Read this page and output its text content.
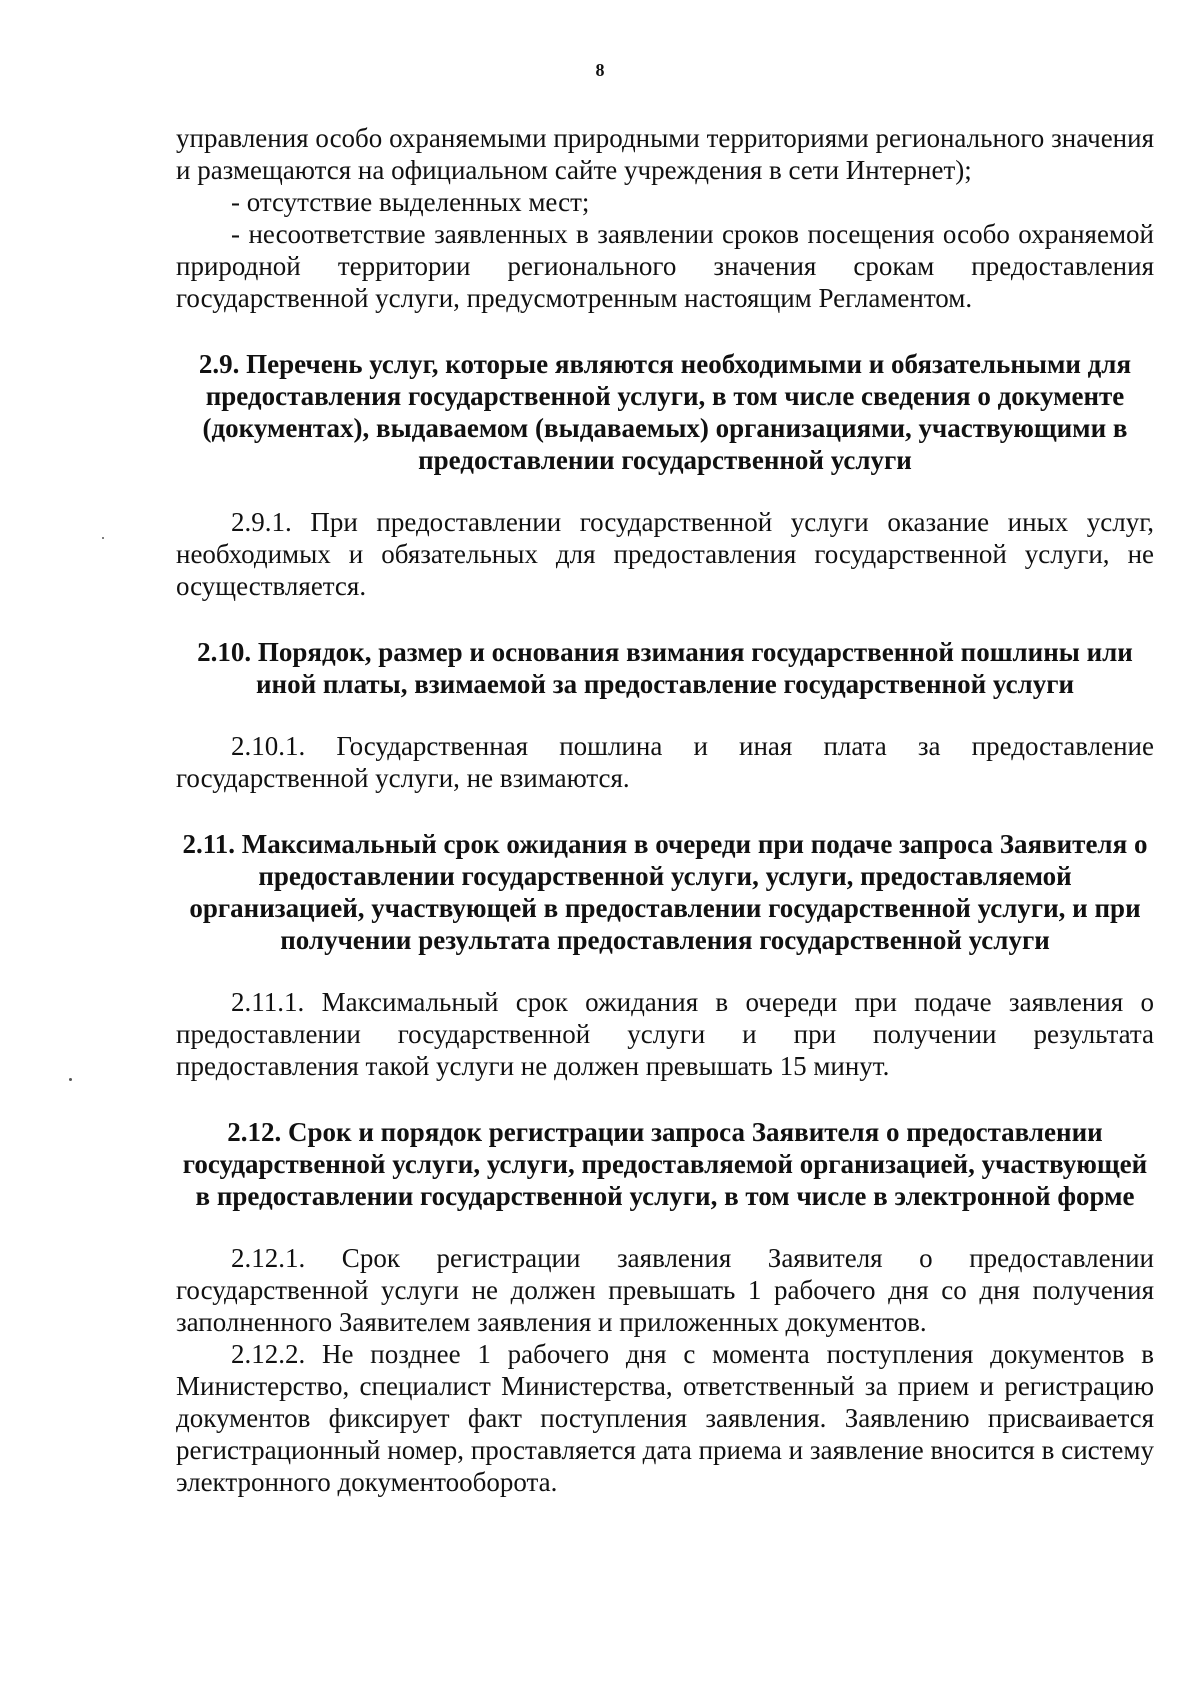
8

управления особо охраняемыми природными территориями регионального значения и размещаются на официальном сайте учреждения в сети Интернет);

- отсутствие выделенных мест;

- несоответствие заявленных в заявлении сроков посещения особо охраняемой природной территории регионального значения срокам предоставления государственной услуги, предусмотренным настоящим Регламентом.

2.9. Перечень услуг, которые являются необходимыми и обязательными для предоставления государственной услуги, в том числе сведения о документе (документах), выдаваемом (выдаваемых) организациями, участвующими в предоставлении государственной услуги

2.9.1. При предоставлении государственной услуги оказание иных услуг, необходимых и обязательных для предоставления государственной услуги, не осуществляется.

2.10. Порядок, размер и основания взимания государственной пошлины или иной платы, взимаемой за предоставление государственной услуги

2.10.1. Государственная пошлина и иная плата за предоставление государственной услуги, не взимаются.

2.11. Максимальный срок ожидания в очереди при подаче запроса Заявителя о предоставлении государственной услуги, услуги, предоставляемой организацией, участвующей в предоставлении государственной услуги, и при получении результата предоставления государственной услуги

2.11.1. Максимальный срок ожидания в очереди при подаче заявления о предоставлении государственной услуги и при получении результата предоставления такой услуги не должен превышать 15 минут.

2.12. Срок и порядок регистрации запроса Заявителя о предоставлении государственной услуги, услуги, предоставляемой организацией, участвующей в предоставлении государственной услуги, в том числе в электронной форме

2.12.1. Срок регистрации заявления Заявителя о предоставлении государственной услуги не должен превышать 1 рабочего дня со дня получения заполненного Заявителем заявления и приложенных документов.

2.12.2. Не позднее 1 рабочего дня с момента поступления документов в Министерство, специалист Министерства, ответственный за прием и регистрацию документов фиксирует факт поступления заявления. Заявлению присваивается регистрационный номер, проставляется дата приема и заявление вносится в систему электронного документооборота.
